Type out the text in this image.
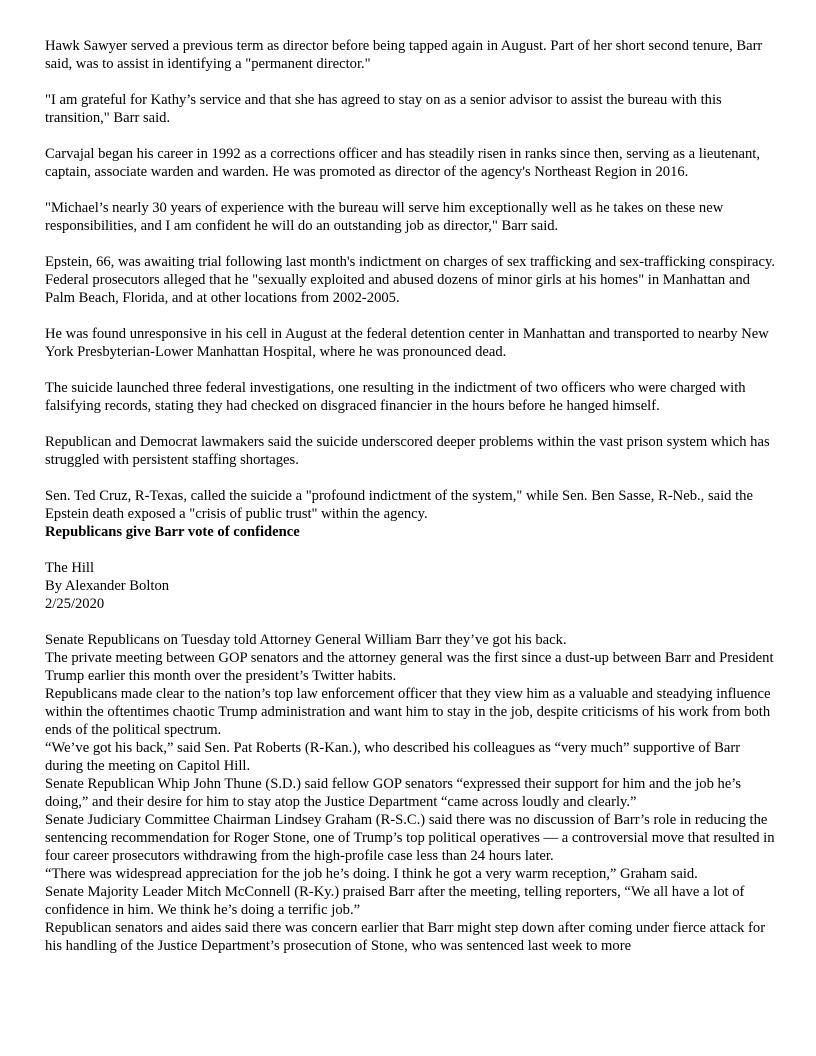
Hawk Sawyer served a previous term as director before being tapped again in August. Part of her short second tenure, Barr said, was to assist in identifying a "permanent director."

"I am grateful for Kathy’s service and that she has agreed to stay on as a senior advisor to assist the bureau with this transition," Barr said.

Carvajal began his career in 1992 as a corrections officer and has steadily risen in ranks since then, serving as a lieutenant, captain, associate warden and warden. He was promoted as director of the agency's Northeast Region in 2016.

"Michael’s nearly 30 years of experience with the bureau will serve him exceptionally well as he takes on these new responsibilities, and I am confident he will do an outstanding job as director," Barr said.

Epstein, 66, was awaiting trial following last month's indictment on charges of sex trafficking and sex-trafficking conspiracy. Federal prosecutors alleged that he "sexually exploited and abused dozens of minor girls at his homes" in Manhattan and Palm Beach, Florida, and at other locations from 2002-2005.

He was found unresponsive in his cell in August at the federal detention center in Manhattan and transported to nearby New York Presbyterian-Lower Manhattan Hospital, where he was pronounced dead.

The suicide launched three federal investigations, one resulting in the indictment of two officers who were charged with falsifying records, stating they had checked on disgraced financier in the hours before he hanged himself.

Republican and Democrat lawmakers said the suicide underscored deeper problems within the vast prison system which has struggled with persistent staffing shortages.

Sen. Ted Cruz, R-Texas, called the suicide a "profound indictment of the system," while Sen. Ben Sasse, R-Neb., said the Epstein death exposed a "crisis of public trust" within the agency.

Republicans give Barr vote of confidence
The Hill
By Alexander Bolton
2/25/2020

Senate Republicans on Tuesday told Attorney General William Barr they’ve got his back.

The private meeting between GOP senators and the attorney general was the first since a dust-up between Barr and President Trump earlier this month over the president’s Twitter habits.

Republicans made clear to the nation’s top law enforcement officer that they view him as a valuable and steadying influence within the oftentimes chaotic Trump administration and want him to stay in the job, despite criticisms of his work from both ends of the political spectrum.

“We’ve got his back,” said Sen. Pat Roberts (R-Kan.), who described his colleagues as “very much” supportive of Barr during the meeting on Capitol Hill.

Senate Republican Whip John Thune (S.D.) said fellow GOP senators “expressed their support for him and the job he’s doing,” and their desire for him to stay atop the Justice Department “came across loudly and clearly.”

Senate Judiciary Committee Chairman Lindsey Graham (R-S.C.) said there was no discussion of Barr’s role in reducing the sentencing recommendation for Roger Stone, one of Trump’s top political operatives — a controversial move that resulted in four career prosecutors withdrawing from the high-profile case less than 24 hours later.

“There was widespread appreciation for the job he’s doing. I think he got a very warm reception,” Graham said.

Senate Majority Leader Mitch McConnell (R-Ky.) praised Barr after the meeting, telling reporters, “We all have a lot of confidence in him. We think he’s doing a terrific job.”

Republican senators and aides said there was concern earlier that Barr might step down after coming under fierce attack for his handling of the Justice Department’s prosecution of Stone, who was sentenced last week to more
